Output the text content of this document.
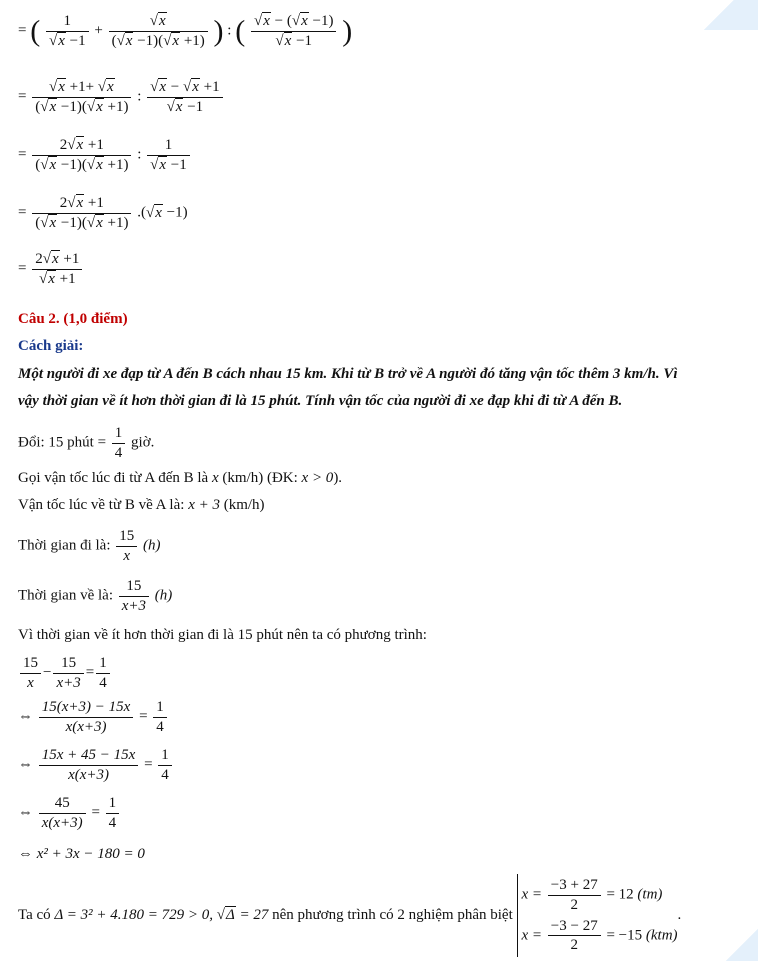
= ( $\frac{1}{√x -1} + \frac{√x}{(√x -1)(√x +1)}$ ) : ( $\frac{√x - (√x -1)}{√x -1}$ )
= $\frac{√x +1+ √x}{(√x -1)(√x +1)}$ : $\frac{√x - √x +1}{√x -1}$
= $\frac{2√x +1}{(√x -1)(√x +1)}$ : $\frac{1}{√x -1}$
= $\frac{2√x +1}{(√x -1)(√x +1)} .(√x -1)$
= $\frac{2√x +1}{√x +1}$
Câu 2. (1,0 điểm)
Cách giải:
Một người đi xe đạp từ A đến B cách nhau 15 km. Khi từ B trở về A người đó tăng vận tốc thêm 3 km/h. Vì
vậy thời gian về ít hơn thời gian đi là 15 phút. Tính vận tốc của người đi xe đạp khi đi từ A đến B.
Đổi: 15 phút = $\frac{1}{4}$ giờ.
Gọi vận tốc lúc đi từ A đến B là x (km/h) (ĐK: x > 0).
Vận tốc lúc về từ B về A là: x + 3 (km/h)
Thời gian đi là: $\frac{15}{x} (h)$
Thời gian về là: $\frac{15}{x+3} (h)$
Vì thời gian về ít hơn thời gian đi là 15 phút nên ta có phương trình:
$\frac{15}{x} - \frac{15}{x+3} = \frac{1}{4}$
⇔ $\frac{15(x+3) - 15x}{x(x+3)} = \frac{1}{4}$
⇔ $\frac{15x + 45 - 15x}{x(x+3)} = \frac{1}{4}$
⇔ $\frac{45}{x(x+3)} = \frac{1}{4}$
⇔ x² + 3x − 180 = 0
Ta có Δ = 3² + 4.180 = 729 > 0, √Δ = 27 nên phương trình có 2 nghiệm phân biệt
$x = \frac{-3 + 27}{2} = 12$ (tm)
$x = \frac{-3 - 27}{2} = -15$ (ktm)
.
